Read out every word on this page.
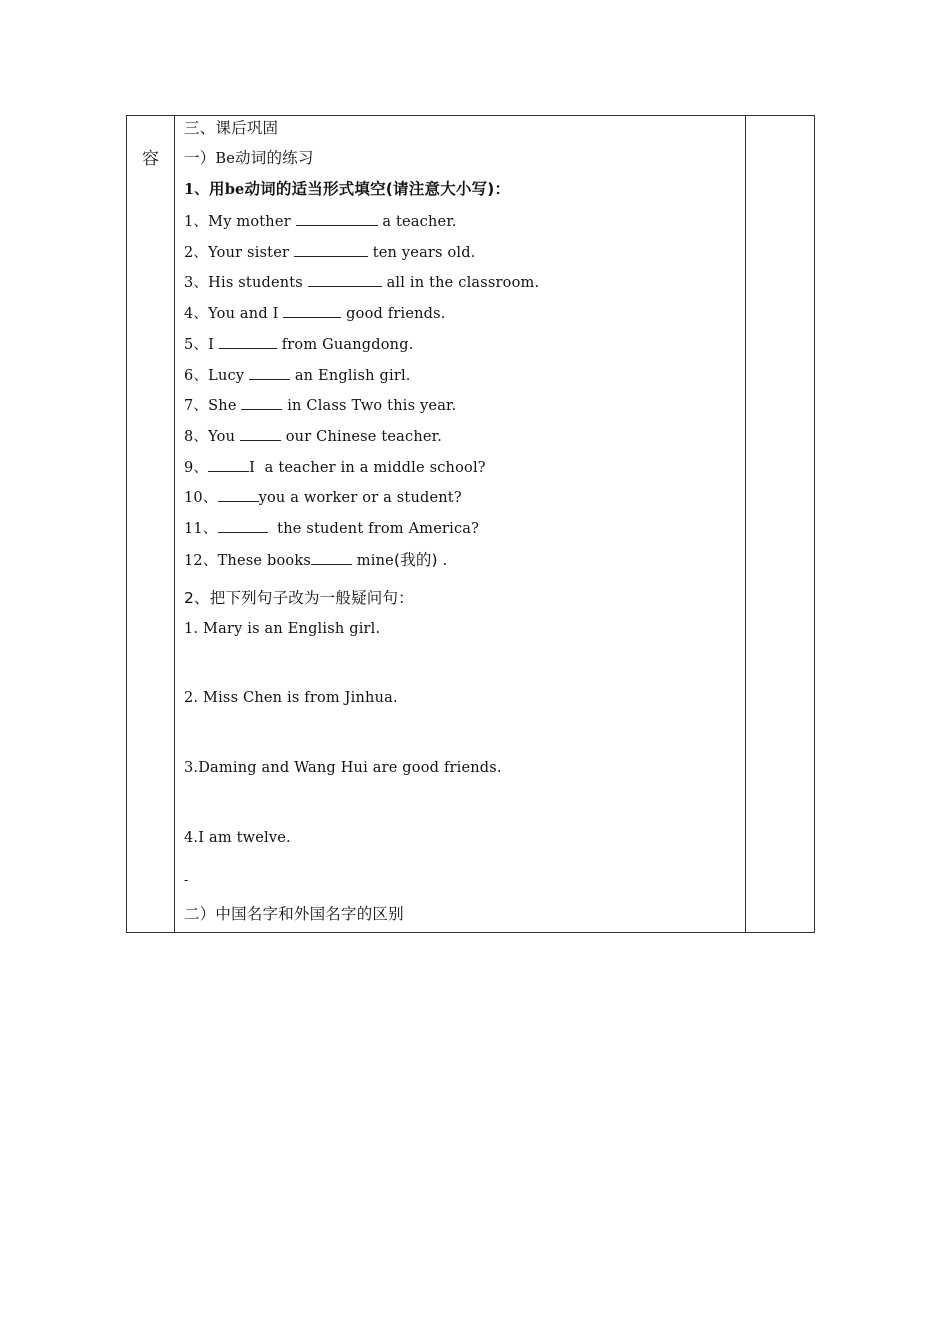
容
三、课后巩固
一）Be动词的练习
1、用be动词的适当形式填空(请注意大小写)：
1、My mother	a teacher.
2、Your sister	ten years old.
3、His students	all in the classroom.
4、You and I	good friends.
5、I	from Guangdong.
6、Lucy	an English girl.
7、She	in Class Two this year.
8、You	our Chinese teacher.
9、	I  a teacher in a middle school?
10、	you a worker or a student?
11、	the student from America?
12、These books	mine(我的) .
2、把下列句子改为一般疑问句：
1. Mary is an English girl.
2. Miss Chen is from Jinhua.
3.Daming and Wang Hui are good friends.
4.I am twelve.
-
二）中国名字和外国名字的区别
